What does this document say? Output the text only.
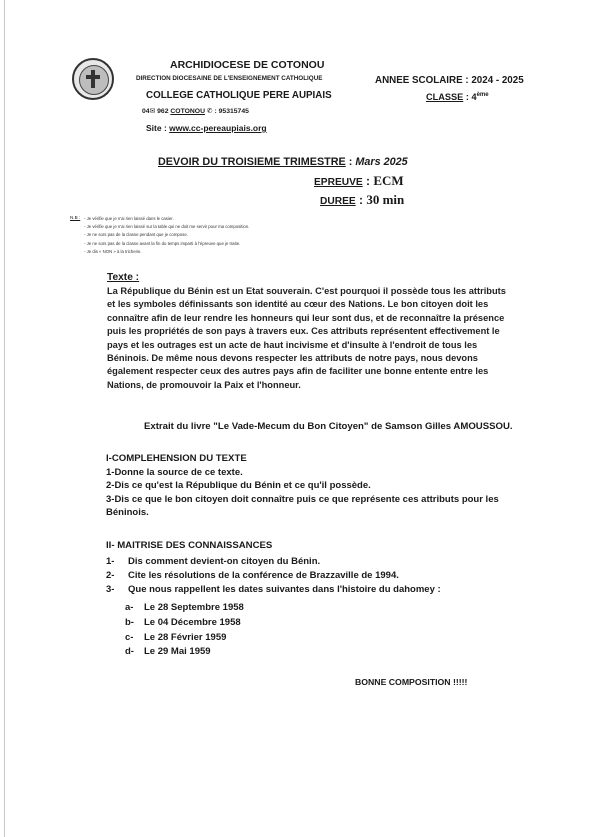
ARCHIDIOCESE DE COTONOU
DIRECTION DIOCESAINE DE L'ENSEIGNEMENT CATHOLIQUE
COLLEGE CATHOLIQUE PERE AUPIAIS
04✉ 962 COTONOU ✆ : 95315745
Site : www.cc-pereaupiais.org
ANNEE SCOLAIRE : 2024 - 2025
CLASSE : 4ème
DEVOIR DU TROISIEME TRIMESTRE : Mars 2025
EPREUVE : ECM
DUREE : 30 min
N.B : - Je vérifie que je n'ai rien laissé dans le casier.
- Je vérifie que je n'ai rien laissé sur la table qui ne doit me servir pour ma composition.
- Je ne sors pas de la classe pendant que je compose.
- Je ne sors pas de la classe avant la fin du temps imparti à l'épreuve que je traite.
- Je dis « NON » à la tricherie.
Texte :
La République du Bénin est un Etat souverain. C'est pourquoi il possède tous les attributs
et les symboles définissants son identité au cœur des Nations. Le bon citoyen doit les
connaître afin de leur rendre les honneurs qui leur sont dus, et de reconnaître la présence
puis les propriétés de son pays à travers eux. Ces attributs représentent effectivement le
pays et les outrages est un acte de haut incivisme et d'insulte à l'endroit de tous les
Béninois. De même nous devons respecter les attributs de notre pays, nous devons
également respecter ceux des autres pays afin de faciliter une bonne entente entre les
Nations, de promouvoir la Paix et l'honneur.
Extrait du livre "Le Vade-Mecum du Bon Citoyen" de Samson Gilles AMOUSSOU.
I-COMPLEHENSION DU TEXTE
1-Donne la source de ce texte.
2-Dis ce qu'est la République du Bénin et ce qu'il possède.
3-Dis ce que le bon citoyen doit connaître puis ce que représente ces attributs pour les
Béninois.
II- MAITRISE DES CONNAISSANCES
1-	Dis comment devient-on citoyen du Bénin.
2-	Cite les résolutions de la conférence de Brazzaville de 1994.
3-	Que nous rappellent les dates suivantes dans l'histoire du dahomey :
a-	Le 28 Septembre 1958
b-	Le 04 Décembre 1958
c-	Le 28 Février 1959
d-	Le 29 Mai 1959
BONNE COMPOSITION !!!!!
